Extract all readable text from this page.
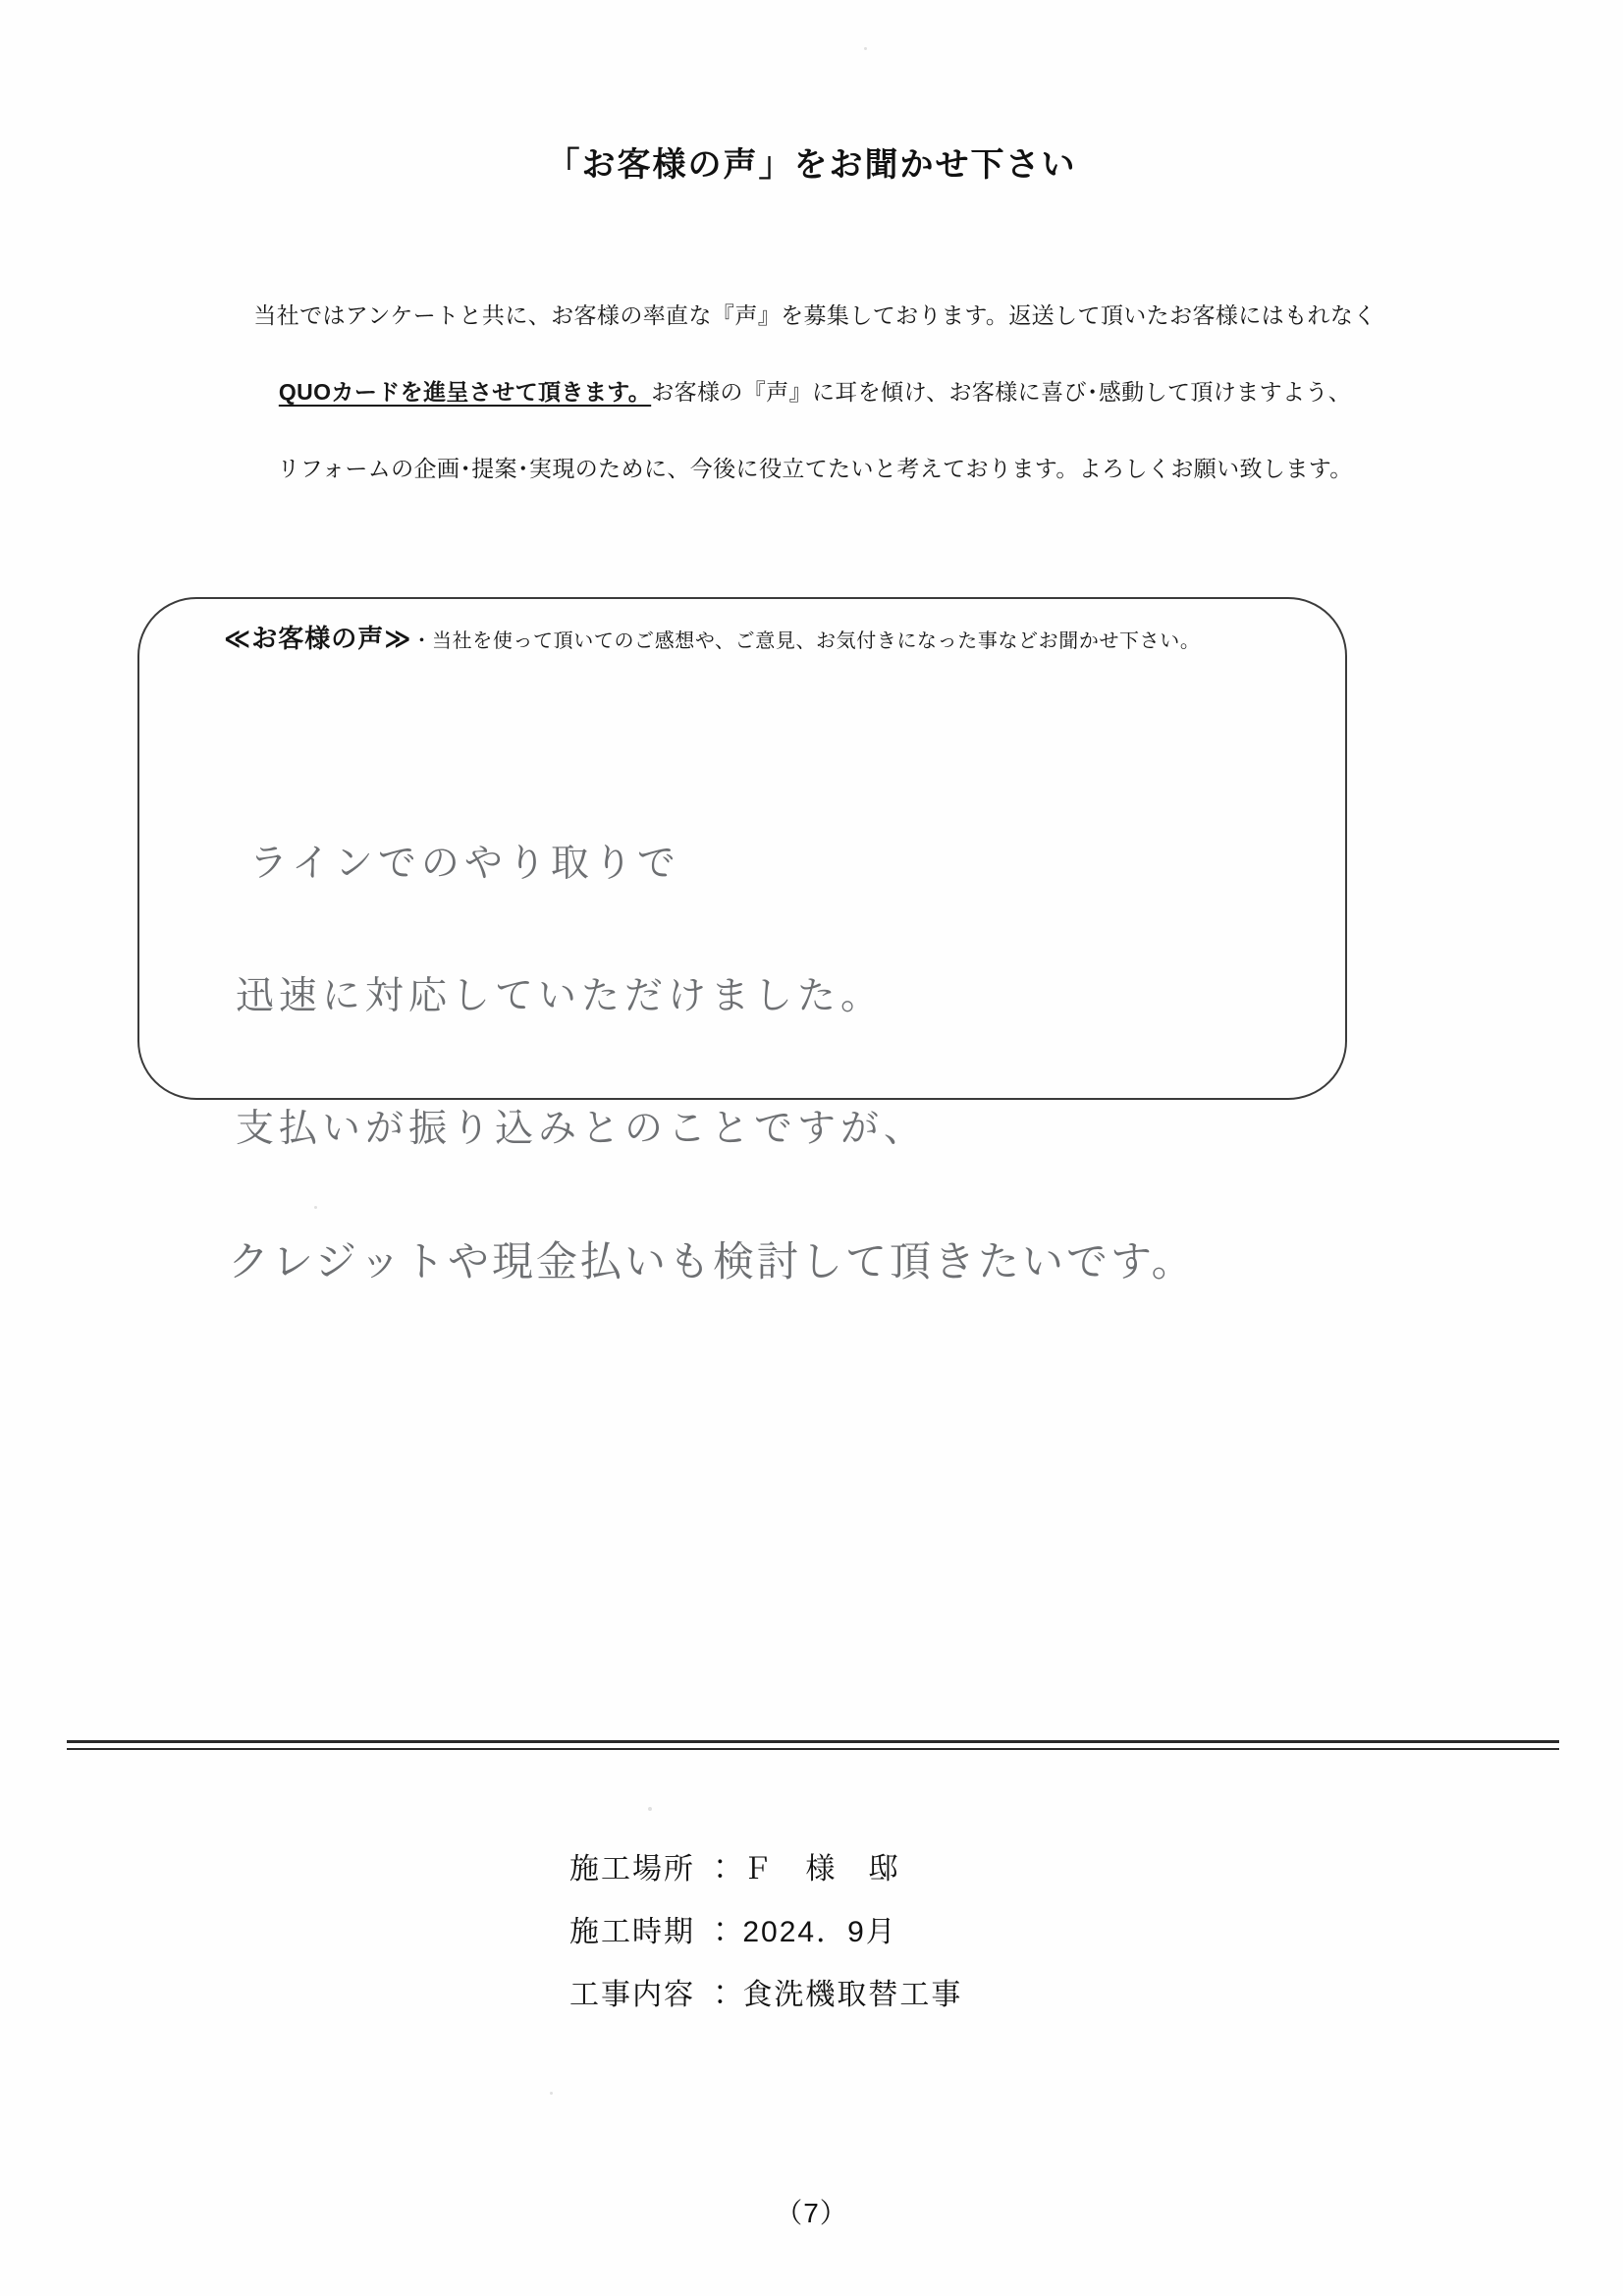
「お客様の声」をお聞かせ下さい
当社ではアンケートと共に、お客様の率直な『声』を募集しております。返送して頂いたお客様にはもれなく
QUOカードを進呈させて頂きます。お客様の『声』に耳を傾け、お客様に喜び･感動して頂けますよう、
リフォームの企画･提案･実現のために、今後に役立てたいと考えております。よろしくお願い致します。
≪お客様の声≫・当社を使って頂いてのご感想や、ご意見、お気付きになった事などお聞かせ下さい。
ラインでのやり取りで
迅速に対応していただけました。
支払いが振り込みとのことですが、
クレジットや現金払いも検討して頂きたいです。
施工場所 ： Ｆ　様　邸
施工時期 ： 2024．9月
工事内容 ： 食洗機取替工事
（7）
